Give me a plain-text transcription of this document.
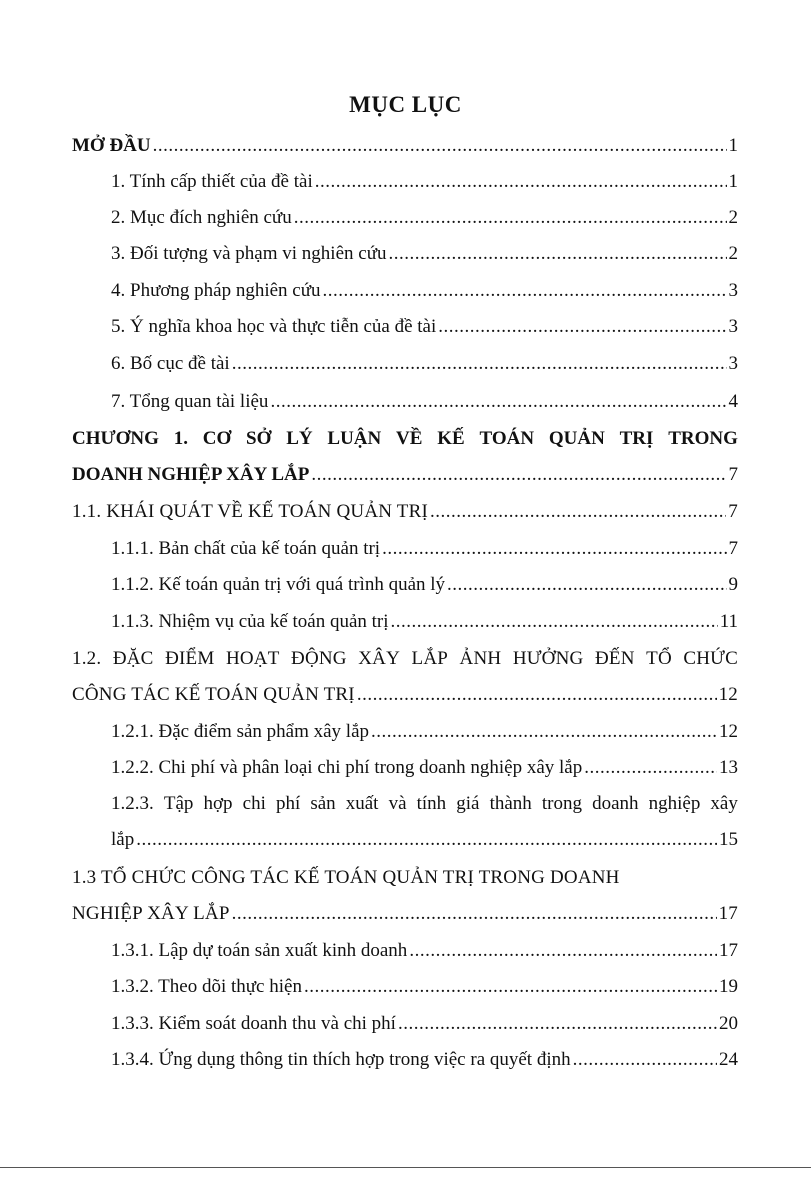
MỤC LỤC
MỞ ĐẦU .....	1
1. Tính cấp thiết của đề tài .....	1
2. Mục đích nghiên cứu .....	2
3. Đối tượng và phạm vi nghiên cứu .....	2
4. Phương pháp nghiên cứu .....	3
5. Ý nghĩa khoa học và thực tiễn của đề tài .....	3
6. Bố cục đề tài .....	3
7. Tổng quan tài liệu .....	4
CHƯƠNG 1. CƠ SỞ LÝ LUẬN VỀ KẾ TOÁN QUẢN TRỊ TRONG
DOANH NGHIỆP XÂY LẮP .....	7
1.1. KHÁI QUÁT VỀ KẾ TOÁN QUẢN TRỊ .....	7
1.1.1. Bản chất của kế toán quản trị .....	7
1.1.2. Kế toán quản trị với quá trình quản lý .....	9
1.1.3. Nhiệm vụ của kế toán quản trị .....	11
1.2. ĐẶC ĐIỂM HOẠT ĐỘNG XÂY LẮP ẢNH HƯỞNG ĐẾN TỔ CHỨC
CÔNG TÁC KẾ TOÁN QUẢN TRỊ .....	12
1.2.1. Đặc điểm sản phẩm xây lắp .....	12
1.2.2. Chi phí và phân loại chi phí trong doanh nghiệp xây lắp .....	13
1.2.3. Tập hợp chi phí sản xuất và tính giá thành trong doanh nghiệp xây
lắp .....	15
1.3 TỔ CHỨC CÔNG TÁC KẾ TOÁN QUẢN TRỊ TRONG DOANH
NGHIỆP XÂY LẮP .....	17
1.3.1. Lập dự toán sản xuất kinh doanh .....	17
1.3.2. Theo dõi thực hiện .....	19
1.3.3. Kiểm soát doanh thu và chi phí .....	20
1.3.4. Ứng dụng thông tin thích hợp trong việc ra quyết định .....	24
